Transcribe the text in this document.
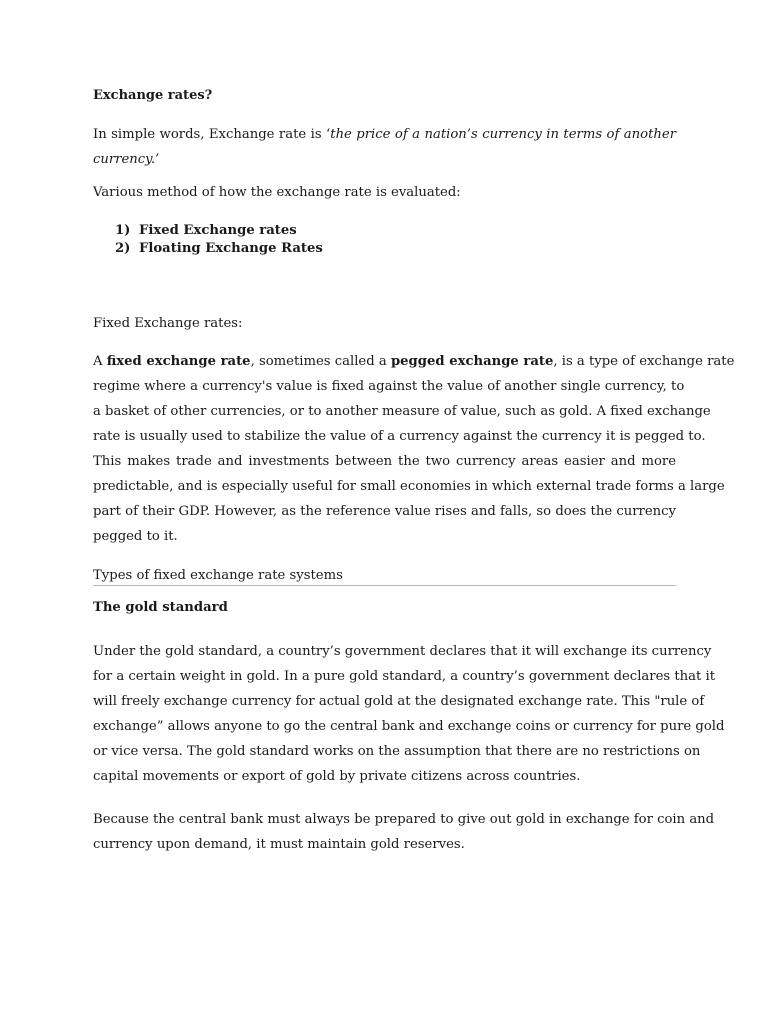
Exchange rates?
In simple words, Exchange rate is ‘the price of a nation’s currency in terms of another
currency.’
Various method of how the exchange rate is evaluated:
1) Fixed Exchange rates
2) Floating Exchange Rates
Fixed Exchange rates:
A fixed exchange rate, sometimes called a pegged exchange rate, is a type of exchange rate
regime where a currency's value is fixed against the value of another single currency, to
a basket of other currencies, or to another measure of value, such as gold. A fixed exchange
rate is usually used to stabilize the value of a currency against the currency it is pegged to.
This makes trade and investments between the two currency areas easier and more
predictable, and is especially useful for small economies in which external trade forms a large
part of their GDP. However, as the reference value rises and falls, so does the currency
pegged to it.
Types of fixed exchange rate systems
The gold standard
Under the gold standard, a country’s government declares that it will exchange its currency
for a certain weight in gold. In a pure gold standard, a country’s government declares that it
will freely exchange currency for actual gold at the designated exchange rate. This "rule of
exchange” allows anyone to go the central bank and exchange coins or currency for pure gold
or vice versa. The gold standard works on the assumption that there are no restrictions on
capital movements or export of gold by private citizens across countries.
Because the central bank must always be prepared to give out gold in exchange for coin and
currency upon demand, it must maintain gold reserves.
